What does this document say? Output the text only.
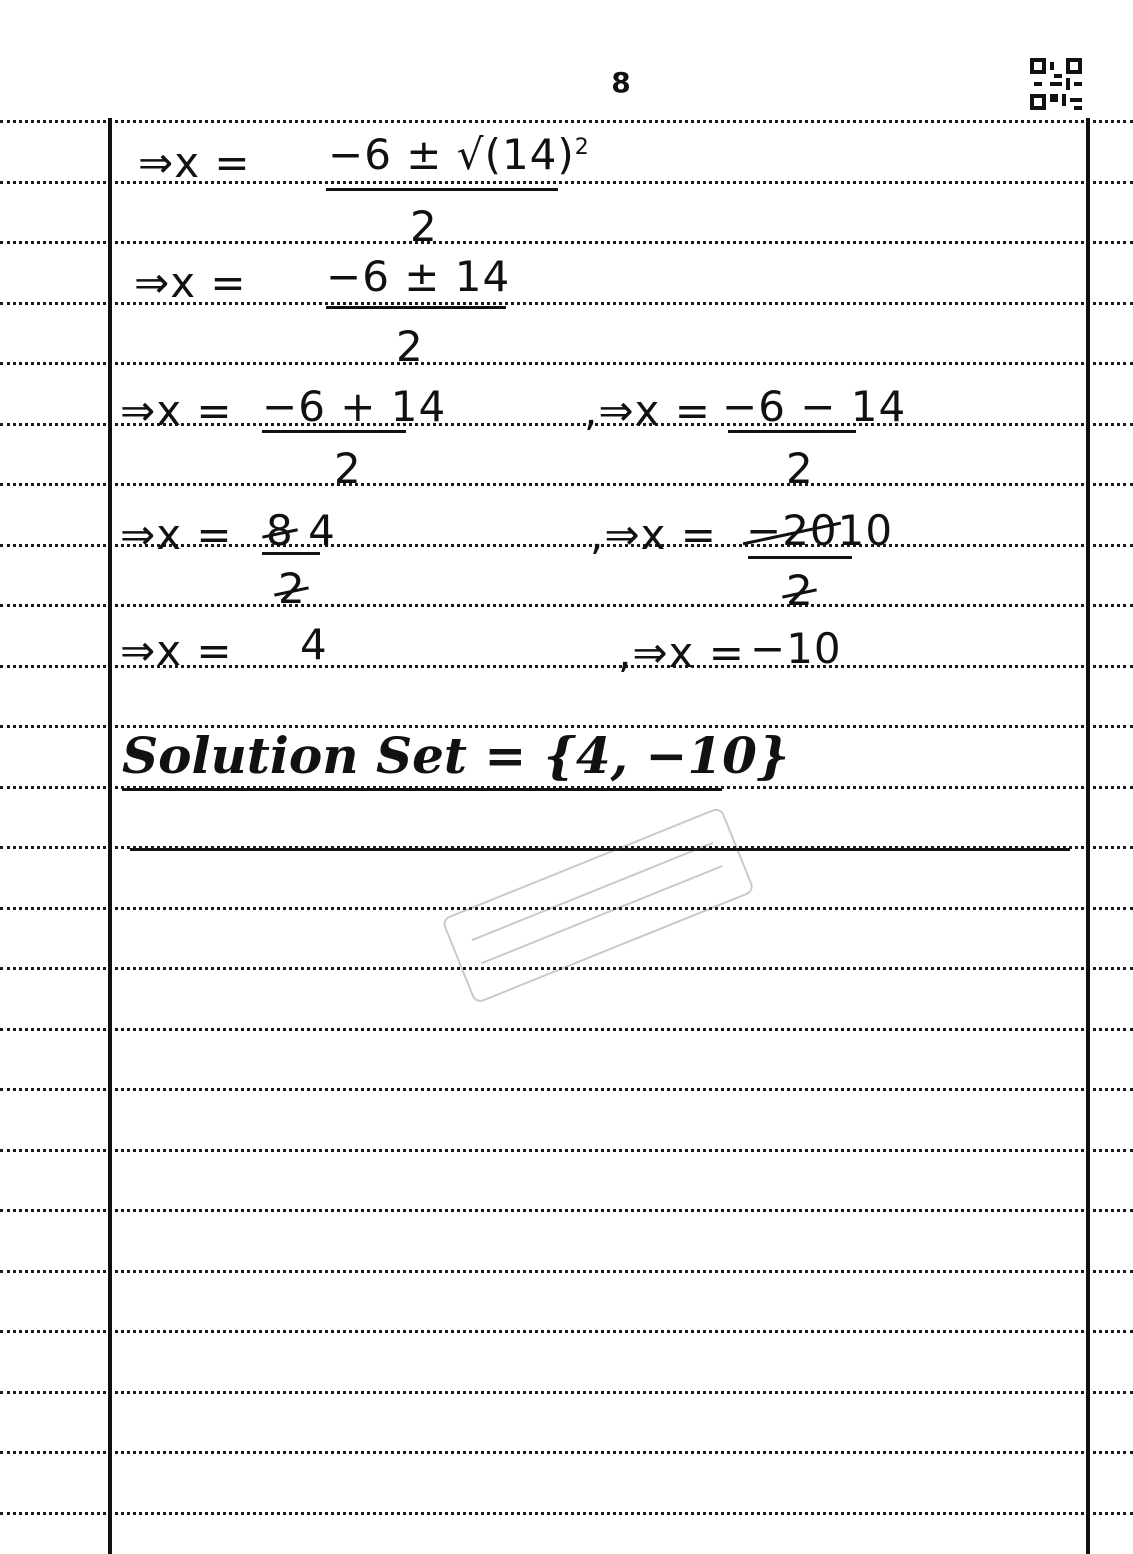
8
⇒x = $-6 \pm √(14)^2$
2
⇒x = −6 ± 14
2
⇒x = −6 + 14
2
,⇒x = −6 − 14
2
⇒x = 8 4
2
,⇒x = −2010
2
⇒x = 4	,⇒x = −10
Solution Set = {4, −10}
